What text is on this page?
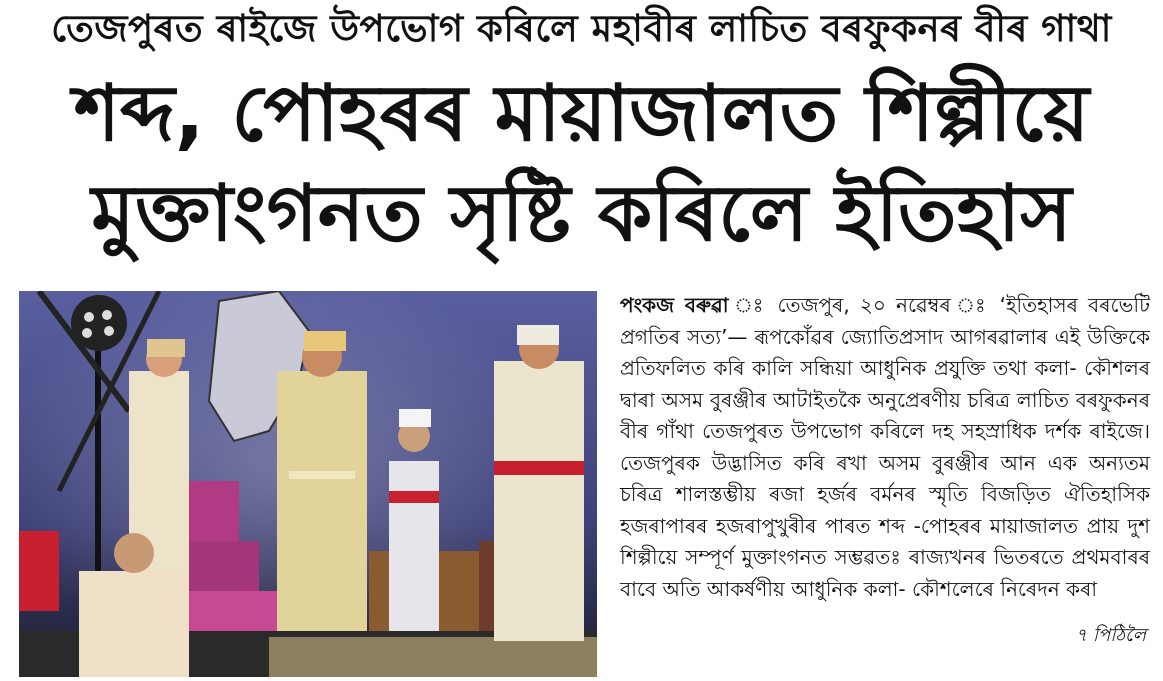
তেজপুৰত ৰাইজে উপভোগ কৰিলে মহাবীৰ লাচিত বৰফুকনৰ বীৰ গাথা
শব্দ, পোহৰৰ মায়াজালত শিল্পীয়ে
মুক্তাংগনত সৃষ্টি কৰিলে ইতিহাস
পংকজ বৰুৱা ঃ তেজপুৰ, ২০ নৱেম্বৰ ঃ ‘ইতিহাসৰ বৰভেটি প্ৰগতিৰ সত্য’— ৰূপকোঁৱৰ জ্যোতিপ্ৰসাদ আগৰৱালাৰ এই উক্তিকে প্ৰতিফলিত কৰি কালি সন্ধিয়া আধুনিক প্ৰযুক্তি তথা কলা- কৌশলৰ দ্বাৰা অসম বুৰঞ্জীৰ আটাইতকৈ অনুপ্ৰেৰণীয় চৰিত্ৰ লাচিত বৰফুকনৰ বীৰ গাঁথা তেজপুৰত উপভোগ কৰিলে দহ সহস্ৰাধিক দৰ্শক ৰাইজে। তেজপুৰক উদ্ভাসিত কৰি ৰখা অসম বুৰঞ্জীৰ আন এক অন্যতম চৰিত্ৰ শালস্তম্ভীয় ৰজা হৰ্জৰ বৰ্মনৰ স্মৃতি বিজড়িত ঐতিহাসিক হজৰাপাৰৰ হজৰাপুখুৰীৰ পাৰত শব্দ -পোহৰৰ মায়াজালত প্ৰায় দুশ শিল্পীয়ে সম্পূৰ্ণ মুক্তাংগনত সম্ভৱতঃ ৰাজ্যখনৰ ভিতৰতে প্ৰথমবাৰৰ বাবে অতি আকৰ্ষণীয় আধুনিক কলা- কৌশলেৰে নিৰেদন কৰা
৭ পিঠিলৈ
